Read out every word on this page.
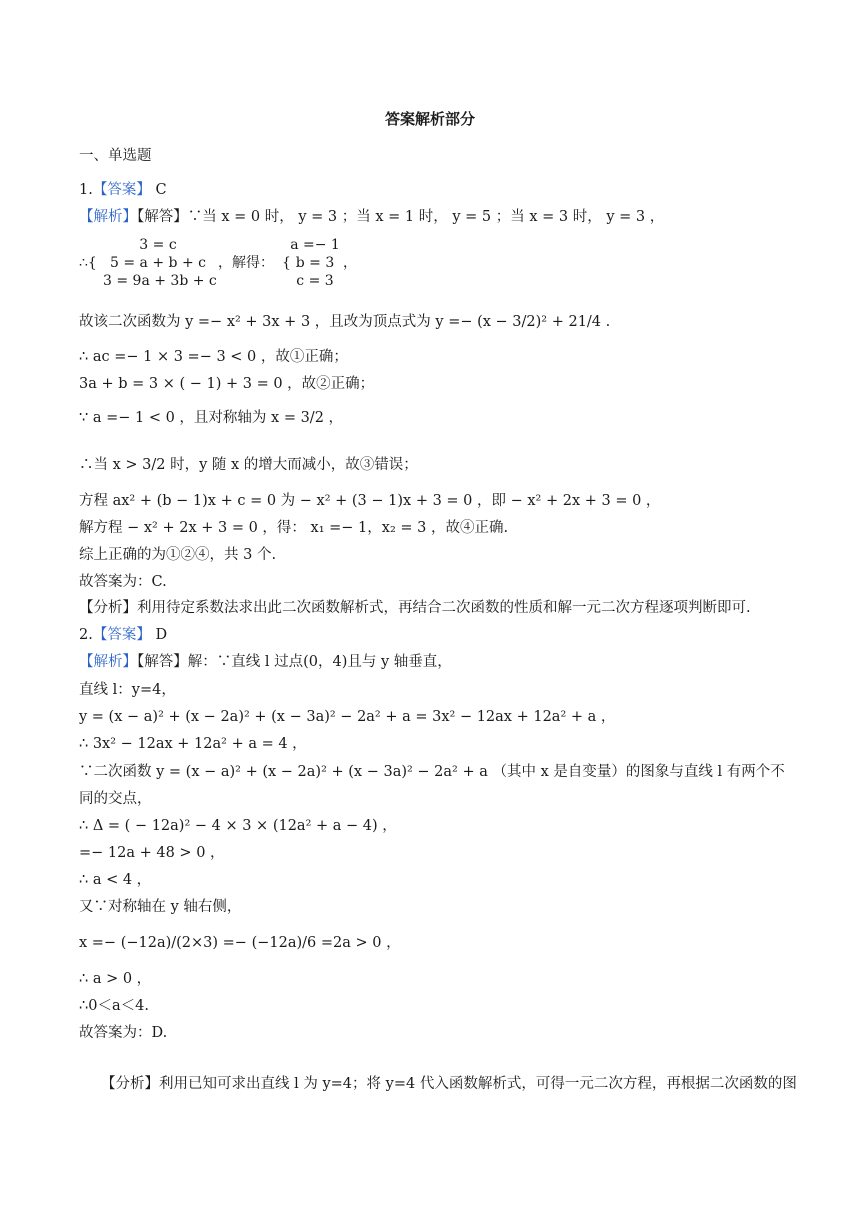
答案解析部分
一、单选题
1.【答案】 C
【解析】【解答】∵当 x = 0 时， y = 3 ；当 x = 1 时， y = 5 ；当 x = 3 时， y = 3 ，
∴{
3 = c
5 = a + b + c
3 = 9a + 3b + c
，解得： {
a =− 1
b = 3
c = 3
，
故该二次函数为 y =− x² + 3x + 3 ，且改为顶点式为 y =− (x − 3/2)² + 21/4 .
∴ ac =− 1 × 3 =− 3 < 0 ，故①正确；
3a + b = 3 × ( − 1) + 3 = 0 ，故②正确；
∵ a =− 1 < 0 ，且对称轴为 x = 3/2 ，
∴当 x > 3/2 时，y 随 x 的增大而减小，故③错误；
方程 ax² + (b − 1)x + c = 0 为 − x² + (3 − 1)x + 3 = 0 ，即 − x² + 2x + 3 = 0 ，
解方程 − x² + 2x + 3 = 0 ，得： x₁ =− 1，x₂ = 3 ，故④正确.
综上正确的为①②④，共 3 个.
故答案为：C.
【分析】利用待定系数法求出此二次函数解析式，再结合二次函数的性质和解一元二次方程逐项判断即可.
2.【答案】 D
【解析】【解答】解：∵直线 l 过点(0，4)且与 y 轴垂直，
直线 l：y=4，
y = (x − a)² + (x − 2a)² + (x − 3a)² − 2a² + a = 3x² − 12ax + 12a² + a ，
∴ 3x² − 12ax + 12a² + a = 4 ，
∵二次函数 y = (x − a)² + (x − 2a)² + (x − 3a)² − 2a² + a （其中 x 是自变量）的图象与直线 l 有两个不
同的交点，
∴ Δ = ( − 12a)² − 4 × 3 × (12a² + a − 4) ，
=− 12a + 48 > 0 ，
∴ a < 4 ，
又∵对称轴在 y 轴右侧，
x =− (−12a)/(2×3) =− (−12a)/6 =2a > 0 ，
∴ a > 0 ，
∴0＜a＜4.
故答案为：D.
【分析】利用已知可求出直线 l 为 y=4；将 y=4 代入函数解析式，可得一元二次方程，再根据二次函数的图
